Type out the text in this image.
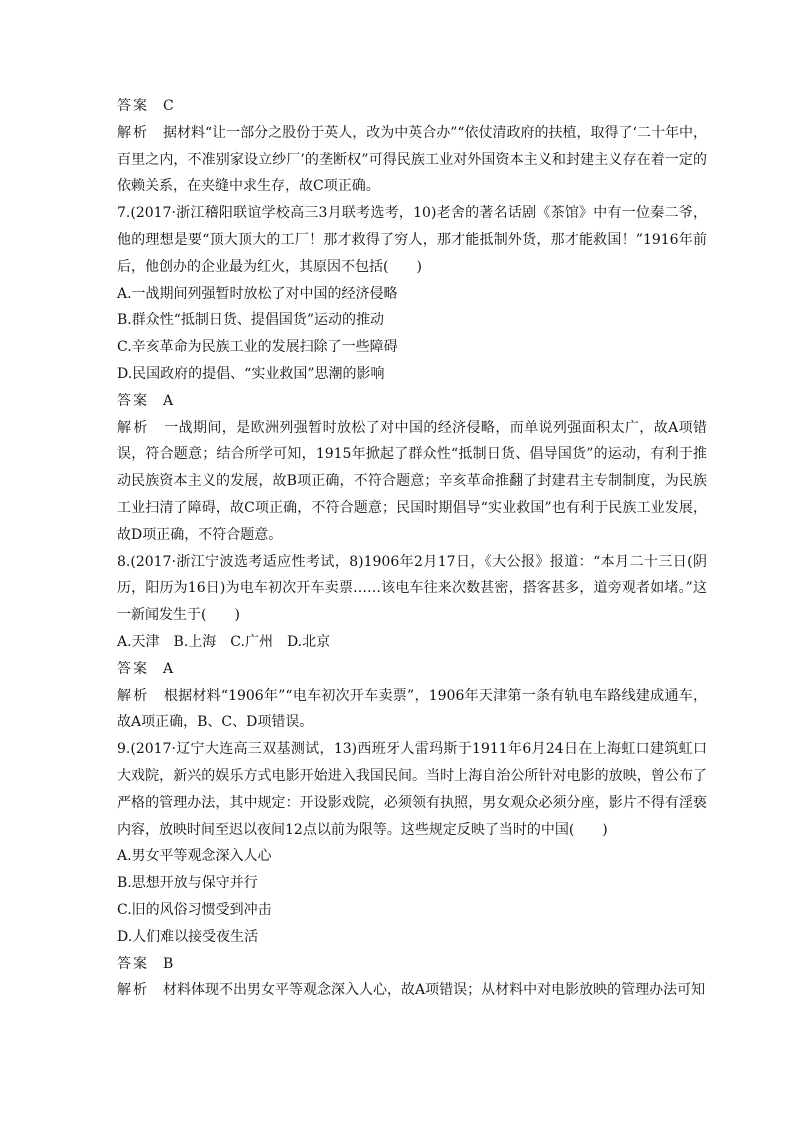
答案 C

解析 据材料“让一部分之股份于英人，改为中英合办”“依仗清政府的扶植，取得了‘二十年中，百里之内，不准别家设立纱厂’的垄断权”可得民族工业对外国资本主义和封建主义存在着一定的依赖关系，在夹缝中求生存，故C项正确。

7.(2017·浙江稽阳联谊学校高三3月联考选考，10)老舍的著名话剧《茶馆》中有一位秦二爷，他的理想是要“顶大顶大的工厂！那才救得了穷人，那才能抵制外货，那才能救国！”1916年前后，他创办的企业最为红火，其原因不包括(　　)

A.一战期间列强暂时放松了对中国的经济侵略

B.群众性“抵制日货、提倡国货”运动的推动

C.辛亥革命为民族工业的发展扫除了一些障碍

D.民国政府的提倡、“实业救国”思潮的影响

答案 A

解析 一战期间，是欧洲列强暂时放松了对中国的经济侵略，而单说列强面积太广，故A项错误，符合题意；结合所学可知，1915年掀起了群众性“抵制日货、倡导国货”的运动，有利于推动民族资本主义的发展，故B项正确，不符合题意；辛亥革命推翻了封建君主专制制度，为民族工业扫清了障碍，故C项正确，不符合题意；民国时期倡导“实业救国”也有利于民族工业发展，故D项正确，不符合题意。

8.(2017·浙江宁波选考适应性考试，8)1906年2月17日，《大公报》报道：“本月二十三日(阴历，阳历为16日)为电车初次开车卖票……该电车往来次数甚密，搭客甚多，道旁观者如堵。”这一新闻发生于(　　)

A.天津　B.上海　C.广州　D.北京

答案 A

解析 根据材料“1906年”“电车初次开车卖票”，1906年天津第一条有轨电车路线建成通车，故A项正确，B、C、D项错误。

9.(2017·辽宁大连高三双基测试，13)西班牙人雷玛斯于1911年6月24日在上海虹口建筑虹口大戏院，新兴的娱乐方式电影开始进入我国民间。当时上海自治公所针对电影的放映，曾公布了严格的管理办法，其中规定：开设影戏院，必须领有执照，男女观众必须分座，影片不得有淫亵内容，放映时间至迟以夜间12点以前为限等。这些规定反映了当时的中国(　　)

A.男女平等观念深入人心

B.思想开放与保守并行

C.旧的风俗习惯受到冲击

D.人们难以接受夜生活

答案 B

解析 材料体现不出男女平等观念深入人心，故A项错误；从材料中对电影放映的管理办法可知
